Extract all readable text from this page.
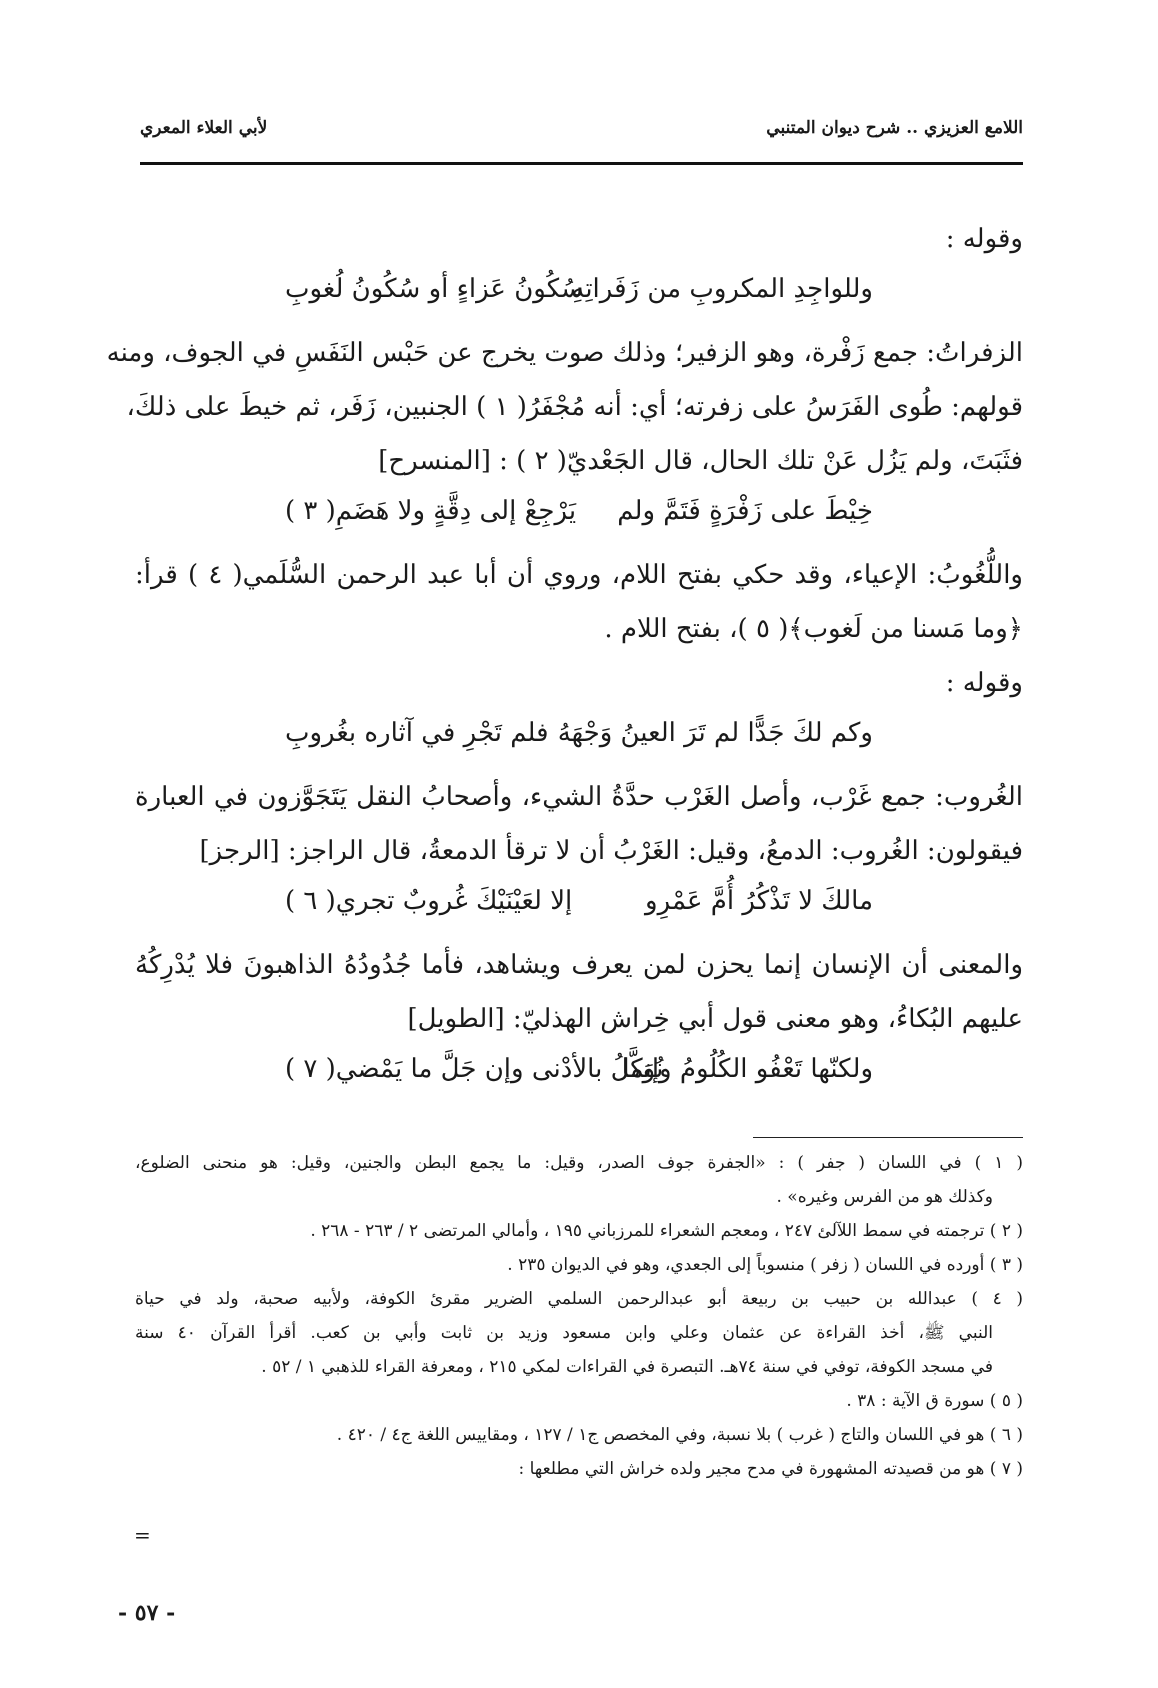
اللامع العزيزي .. شرح ديوان المتنبي
لأبي العلاء المعري
وقوله :
وللواجِدِ المكروبِ من زَفَراتِهِ
سُكُونُ عَزاءٍ أو سُكُونُ لُغوبِ
الزفراتُ: جمع زَفْرة، وهو الزفير؛ وذلك صوت يخرج عن حَبْس النَفَسِ في الجوف، ومنه
قولهم: طُوى الفَرَسُ على زفرته؛ أي: أنه مُجْفَرُ( ١ ) الجنبين، زَفَر، ثم خيطَ على ذلكَ،
فثَبَتَ، ولم يَزُل عَنْ تلك الحال، قال الجَعْديّ( ٢ ) : [المنسرح]
خِيْطَ على زَفْرَةٍ فَتَمَّ ولم
يَرْجِعْ إلى دِقَّةٍ ولا هَضَمِ( ٣ )
واللُّغُوبُ: الإعياء، وقد حكي بفتح اللام، وروي أن أبا عبد الرحمن السُّلَمي( ٤ ) قرأ:
﴿وما مَسنا من لَغوب﴾( ٥ )، بفتح اللام .
وقوله :
وكم لكَ جَدًّا لم تَرَ العينُ وَجْهَهُ
فلم تَجْرِ في آثاره بغُروبِ
الغُروب: جمع غَرْب، وأصل الغَرْب حدَّةُ الشيء، وأصحابُ النقل يَتَجَوَّزون في العبارة
فيقولون: الغُروب: الدمعُ، وقيل: الغَرْبُ أن لا ترقأ الدمعةُ، قال الراجز: [الرجز]
مالكَ لا تَذْكُرُ أُمَّ عَمْرِو
إلا لعَيْنَيْكَ غُروبٌ تجري( ٦ )
والمعنى أن الإنسان إنما يحزن لمن يعرف ويشاهد، فأما جُدُودُهُ الذاهبونَ فلا يُدْرِكُهُ
عليهم البُكاءُ، وهو معنى قول أبي خِراش الهذليّ: [الطويل]
ولكنّها تَعْفُو الكُلُومُ وإنما
نُوَكَّلُ بالأدْنى وإن جَلَّ ما يَمْضي( ٧ )
( ١ ) في اللسان ( جفر ) : «الجفرة جوف الصدر، وقيل: ما يجمع البطن والجنين، وقيل: هو منحنى الضلوع،
وكذلك هو من الفرس وغيره» .
( ٢ ) ترجمته في سمط اللآلئ ٢٤٧ ، ومعجم الشعراء للمرزباني ١٩٥ ، وأمالي المرتضى ٢ / ٢٦٣ - ٢٦٨ .
( ٣ ) أورده في اللسان ( زفر ) منسوباً إلى الجعدي، وهو في الديوان ٢٣٥ .
( ٤ ) عبدالله بن حبيب بن ربيعة أبو عبدالرحمن السلمي الضرير مقرئ الكوفة، ولأبيه صحبة، ولد في حياة
النبي ﷺ، أخذ القراءة عن عثمان وعلي وابن مسعود وزيد بن ثابت وأبي بن كعب. أقرأ القرآن ٤٠ سنة
في مسجد الكوفة، توفي في سنة ٧٤هـ. التبصرة في القراءات لمكي ٢١٥ ، ومعرفة القراء للذهبي ١ / ٥٢ .
( ٥ ) سورة ق الآية : ٣٨ .
( ٦ ) هو في اللسان والتاج ( غرب ) بلا نسبة، وفي المخصص ج١ / ١٢٧ ، ومقاييس اللغة ج٤ / ٤٢٠ .
( ٧ ) هو من قصيدته المشهورة في مدح مجير ولده خراش التي مطلعها :
=
- ٥٧ -
